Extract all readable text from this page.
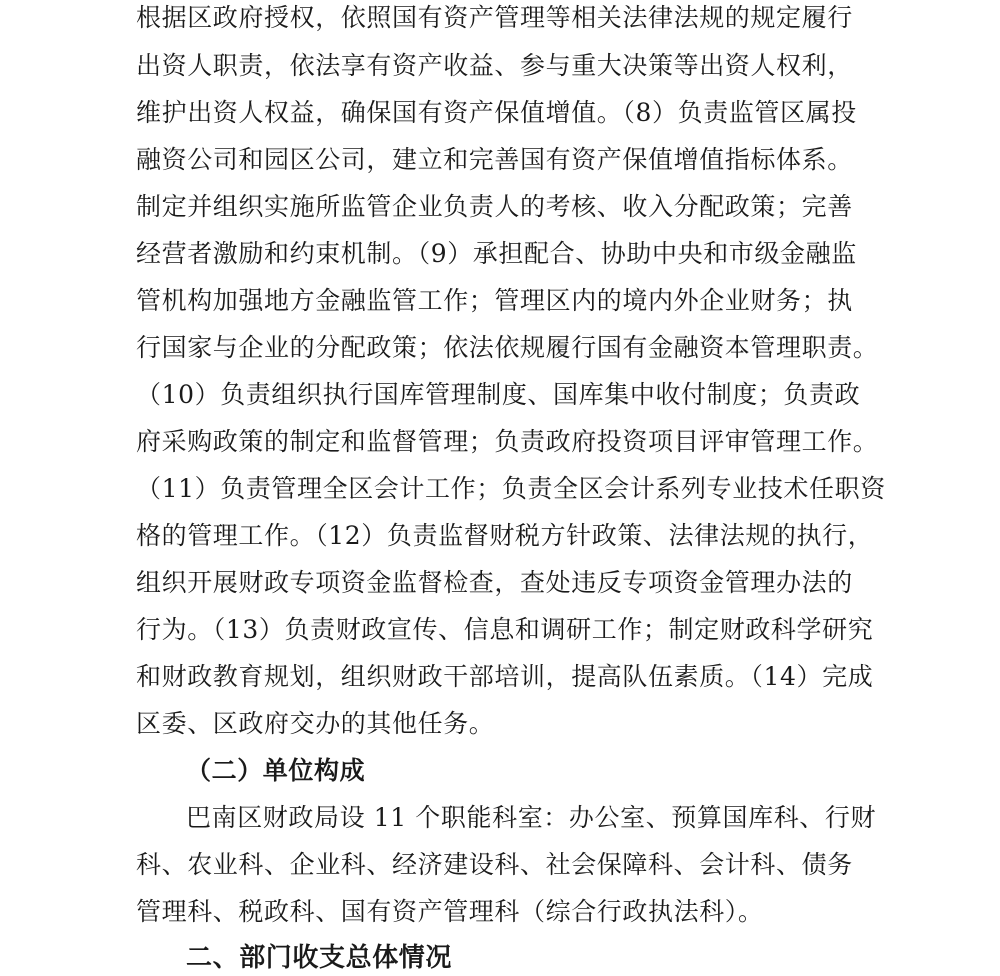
根据区政府授权，依照国有资产管理等相关法律法规的规定履行
出资人职责，依法享有资产收益、参与重大决策等出资人权利，
维护出资人权益，确保国有资产保值增值。（8）负责监管区属投
融资公司和园区公司，建立和完善国有资产保值增值指标体系。
制定并组织实施所监管企业负责人的考核、收入分配政策；完善
经营者激励和约束机制。（9）承担配合、协助中央和市级金融监
管机构加强地方金融监管工作；管理区内的境内外企业财务；执
行国家与企业的分配政策；依法依规履行国有金融资本管理职责。
（10）负责组织执行国库管理制度、国库集中收付制度；负责政
府采购政策的制定和监督管理；负责政府投资项目评审管理工作。
（11）负责管理全区会计工作；负责全区会计系列专业技术任职资
格的管理工作。（12）负责监督财税方针政策、法律法规的执行，
组织开展财政专项资金监督检查，查处违反专项资金管理办法的
行为。（13）负责财政宣传、信息和调研工作；制定财政科学研究
和财政教育规划，组织财政干部培训，提高队伍素质。（14）完成
区委、区政府交办的其他任务。
（二）单位构成
巴南区财政局设 11 个职能科室：办公室、预算国库科、行财
科、农业科、企业科、经济建设科、社会保障科、会计科、债务
管理科、税政科、国有资产管理科（综合行政执法科）。
二、部门收支总体情况
